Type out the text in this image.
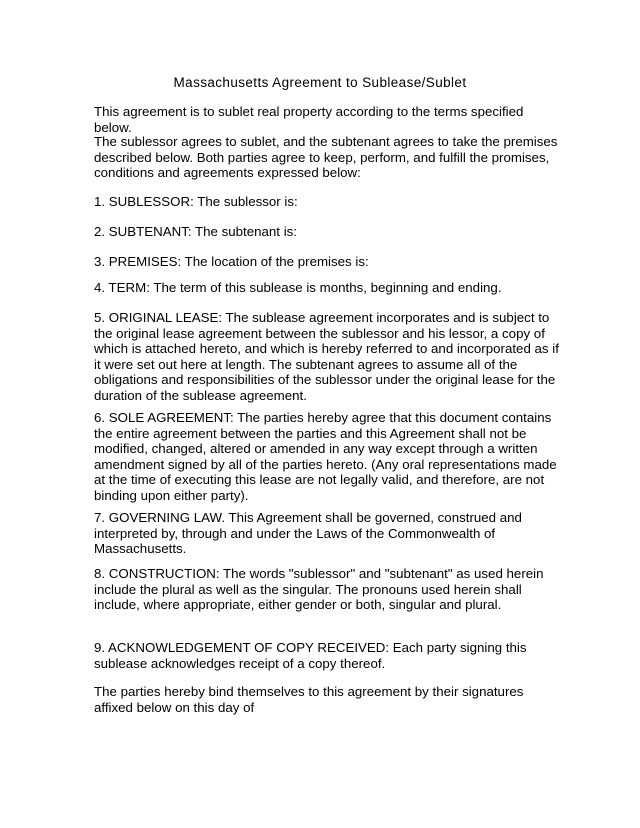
Massachusetts Agreement to Sublease/Sublet

This agreement is to sublet real property according to the terms specified below.

The sublessor agrees to sublet, and the subtenant agrees to take the premises described below. Both parties agree to keep, perform, and fulfill the promises, conditions and agreements expressed below:

1. SUBLESSOR: The sublessor is:

2. SUBTENANT: The subtenant is:

3. PREMISES: The location of the premises is:

4. TERM: The term of this sublease is months, beginning and ending.

5. ORIGINAL LEASE: The sublease agreement incorporates and is subject to the original lease agreement between the sublessor and his lessor, a copy of which is attached hereto, and which is hereby referred to and incorporated as if it were set out here at length. The subtenant agrees to assume all of the obligations and responsibilities of the sublessor under the original lease for the duration of the sublease agreement.

6. SOLE AGREEMENT: The parties hereby agree that this document contains the entire agreement between the parties and this Agreement shall not be modified, changed, altered or amended in any way except through a written amendment signed by all of the parties hereto. (Any oral representations made at the time of executing this lease are not legally valid, and therefore, are not binding upon either party).

7. GOVERNING LAW. This Agreement shall be governed, construed and interpreted by, through and under the Laws of the Commonwealth of Massachusetts.

8. CONSTRUCTION: The words "sublessor" and "subtenant" as used herein include the plural as well as the singular. The pronouns used herein shall include, where appropriate, either gender or both, singular and plural.

9. ACKNOWLEDGEMENT OF COPY RECEIVED: Each party signing this sublease acknowledges receipt of a copy thereof.

The parties hereby bind themselves to this agreement by their signatures affixed below on this day of
